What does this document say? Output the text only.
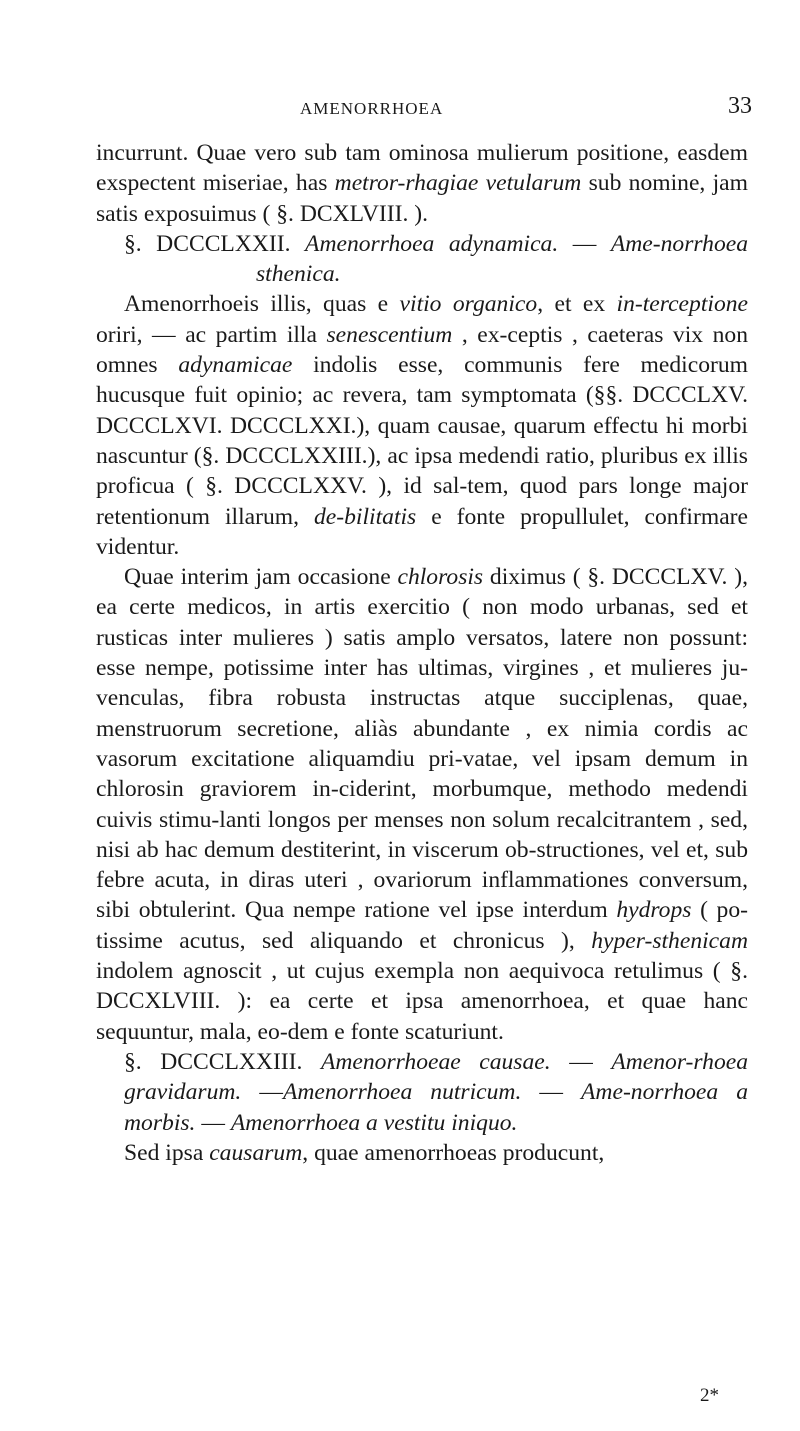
AMENORRHOEA	33

incurrunt. Quae vero sub tam ominosa mulierum positione, easdem exspectent miseriae, has metror-rhagiae vetularum sub nomine, jam satis exposuimus ( §. DCXLVIII. ).

§. DCCCLXXII. Amenorrhoea adynamica. — Ame-norrhoea sthenica.

Amenorrhoeis illis, quas e vitio organico, et ex in-terceptione oriri, — ac partim illa senescentium , ex-ceptis , caeteras vix non omnes adynamicae indolis esse, communis fere medicorum hucusque fuit opinio; ac revera, tam symptomata (§§. DCCCLXV. DCCCLXVI. DCCCLXXI.), quam causae, quarum effectu hi morbi nascuntur (§. DCCCLXXIII.), ac ipsa medendi ratio, pluribus ex illis proficua ( §. DCCCLXXV. ), id sal-tem, quod pars longe major retentionum illarum, de-bilitatis e fonte propullulet, confirmare videntur.

Quae interim jam occasione chlorosis diximus ( §. DCCCLXV. ), ea certe medicos, in artis exercitio ( non modo urbanas, sed et rusticas inter mulieres ) satis amplo versatos, latere non possunt: esse nempe, potissime inter has ultimas, virgines , et mulieres ju-venculas, fibra robusta instructas atque succiplenas, quae, menstruorum secretione, aliàs abundante , ex nimia cordis ac vasorum excitatione aliquamdiu pri-vatae, vel ipsam demum in chlorosin graviorem in-ciderint, morbumque, methodo medendi cuivis stimu-lanti longos per menses non solum recalcitrantem , sed, nisi ab hac demum destiterint, in viscerum ob-structiones, vel et, sub febre acuta, in diras uteri , ovariorum inflammationes conversum, sibi obtulerint. Qua nempe ratione vel ipse interdum hydrops ( po-tissime acutus, sed aliquando et chronicus ), hyper-sthenicam indolem agnoscit , ut cujus exempla non aequivoca retulimus ( §. DCCXLVIII. ): ea certe et ipsa amenorrhoea, et quae hanc sequuntur, mala, eo-dem e fonte scaturiunt.

§. DCCCLXXIII. Amenorrhoeae causae. — Amenor-rhoea gravidarum. —Amenorrhoea nutricum. — Ame-norrhoea a morbis. — Amenorrhoea a vestitu iniquo.

Sed ipsa causarum, quae amenorrhoeas producunt,

2*
